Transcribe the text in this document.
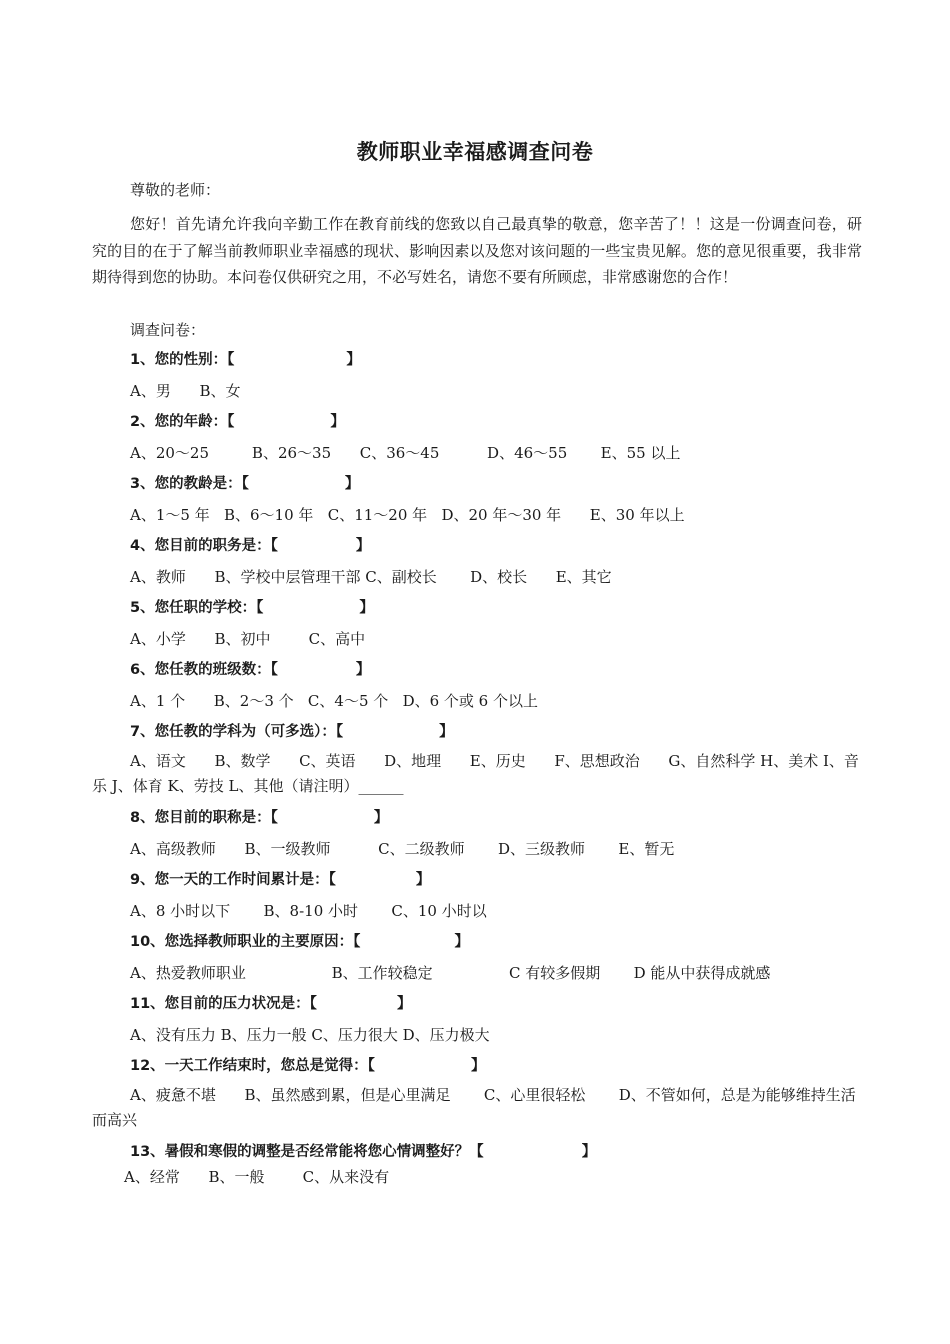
教师职业幸福感调查问卷
尊敬的老师：
您好！首先请允许我向辛勤工作在教育前线的您致以自己最真挚的敬意，您辛苦了！！这是一份调查问卷，研究的目的在于了解当前教师职业幸福感的现状、影响因素以及您对该问题的一些宝贵见解。您的意见很重要，我非常期待得到您的协助。本问卷仅供研究之用，不必写姓名，请您不要有所顾虑，非常感谢您的合作！
调查问卷：
1、您的性别：【	】
A、男      B、女
2、您的年龄：【	】
A、20～25         B、26～35      C、36～45          D、46～55       E、55 以上
3、您的教龄是：【	】
A、1～5 年   B、6～10 年   C、11～20 年   D、20 年～30 年      E、30 年以上
4、您目前的职务是：【	】
A、教师      B、学校中层管理干部 C、副校长       D、校长      E、其它
5、您任职的学校：【	】
A、小学      B、初中        C、高中
6、您任教的班级数：【	】
A、1 个      B、2～3 个   C、4～5 个   D、6 个或 6 个以上
7、您任教的学科为（可多选）：【	】
A、语文      B、数学      C、英语      D、地理      E、历史      F、思想政治      G、自然科学 H、美术 I、音乐 J、体育 K、劳技 L、其他（请注明）______
8、您目前的职称是：【	】
A、高级教师      B、一级教师          C、二级教师       D、三级教师       E、暂无
9、您一天的工作时间累计是：【	】
A、8 小时以下       B、8-10 小时       C、10 小时以
10、您选择教师职业的主要原因：【	】
A、热爱教师职业                  B、工作较稳定                C 有较多假期       D 能从中获得成就感
11、您目前的压力状况是：【	】
A、没有压力 B、压力一般 C、压力很大 D、压力极大
12、一天工作结束时，您总是觉得：【	】
A、疲惫不堪      B、虽然感到累，但是心里满足       C、心里很轻松       D、不管如何，总是为能够维持生活而高兴
13、暑假和寒假的调整是否经常能将您心情调整好？【	】
A、经常      B、一般        C、从来没有
